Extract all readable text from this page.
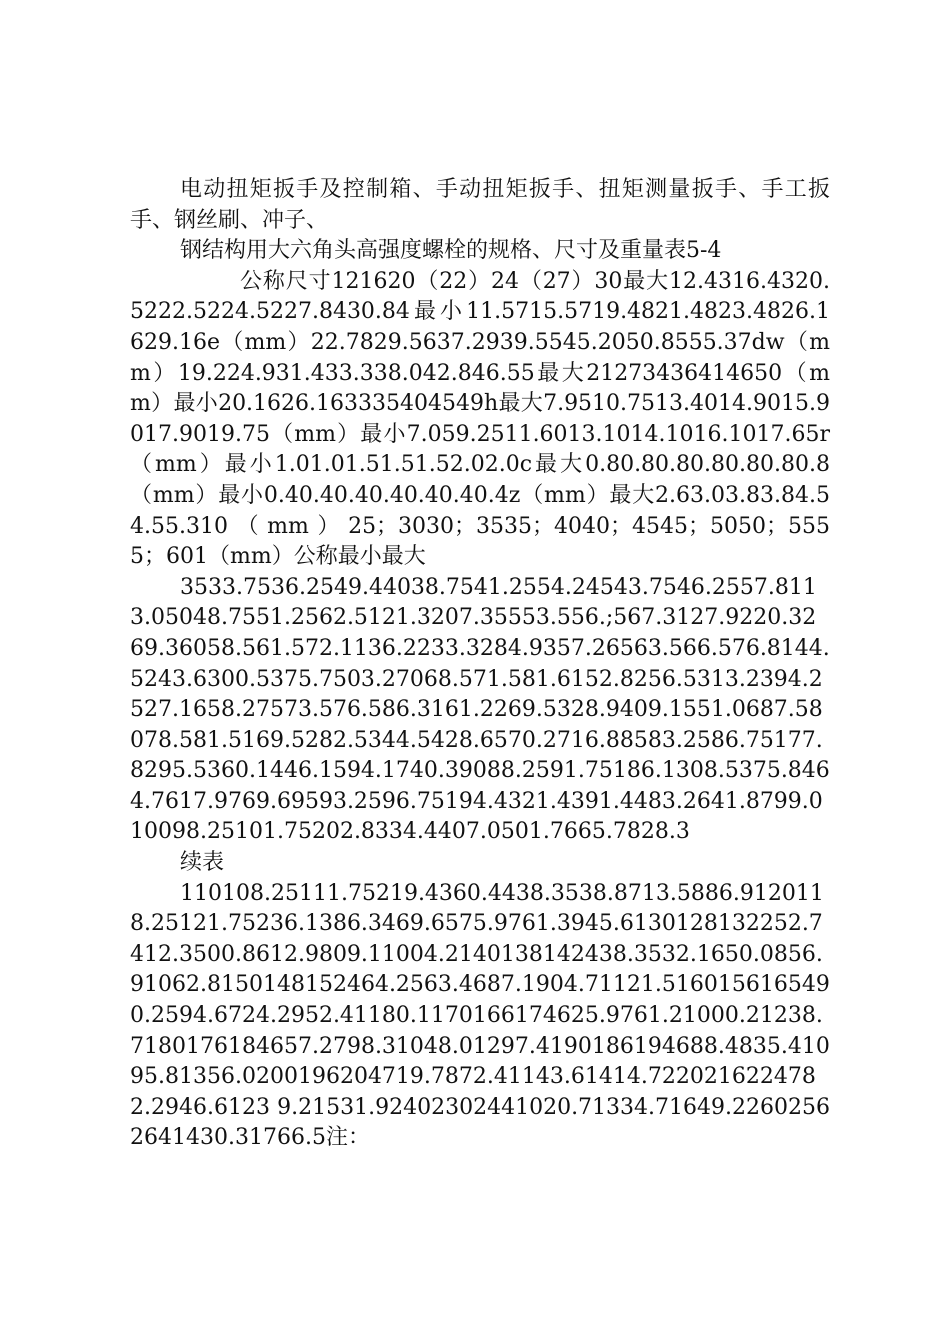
电动扭矩扳手及控制箱、手动扭矩扳手、扭矩测量扳手、手工扳手、钢丝刷、冲子、

钢结构用大六角头高强度螺栓的规格、尺寸及重量表5-4

公称尺寸121620（22）24（27）30最大12.4316.4320.5222.5224.5227.8430.84最小11.5715.5719.4821.4823.4826.1629.16e（mm）22.7829.5637.2939.5545.2050.8555.37dw（mm）19.224.931.433.338.042.846.55最大21273436414650（mm）最小20.1626.163335404549h最大7.9510.7513.4014.9015.9017.9019.75（mm）最小7.059.2511.6013.1014.1016.1017.65r（mm）最小1.01.01.51.51.52.02.0c最大0.80.80.80.80.80.80.8（mm）最小0.40.40.40.40.40.40.4z（mm）最大2.63.03.83.84.54.55.310（mm）25；3030；3535；4040；4545；5050；5555；601（mm）公称最小最大

3533.7536.2549.44038.7541.2554.24543.7546.2557.8113.05048.7551.2562.5121.3207.35553.556.;567.3127.9220.3269.36058.561.572.1136.2233.3284.9357.26563.566.576.8144.5243.6300.5375.7503.27068.571.581.6152.8256.5313.2394.2527.1658.27573.576.586.3161.2269.5328.9409.1551.0687.58078.581.5169.5282.5344.5428.6570.2716.88583.2586.75177.8295.5360.1446.1594.1740.39088.2591.75186.1308.5375.8464.7617.9769.69593.2596.75194.4321.4391.4483.2641.8799.010098.25101.75202.8334.4407.0501.7665.7828.3

续表

110108.25111.75219.4360.4438.3538.8713.5886.9120118.25121.75236.1386.3469.6575.9761.3945.6130128132252.7412.3500.8612.9809.11004.2140138142438.3532.1650.0856.91062.8150148152464.2563.4687.1904.71121.5160156165490.2594.6724.2952.41180.1170166174625.9761.21000.21238.7180176184657.2798.31048.01297.4190186194688.4835.41095.81356.0200196204719.7872.41143.61414.7220216224782.2946.6123 9.21531.92402302441020.71334.71649.22602562641430.31766.5注：
